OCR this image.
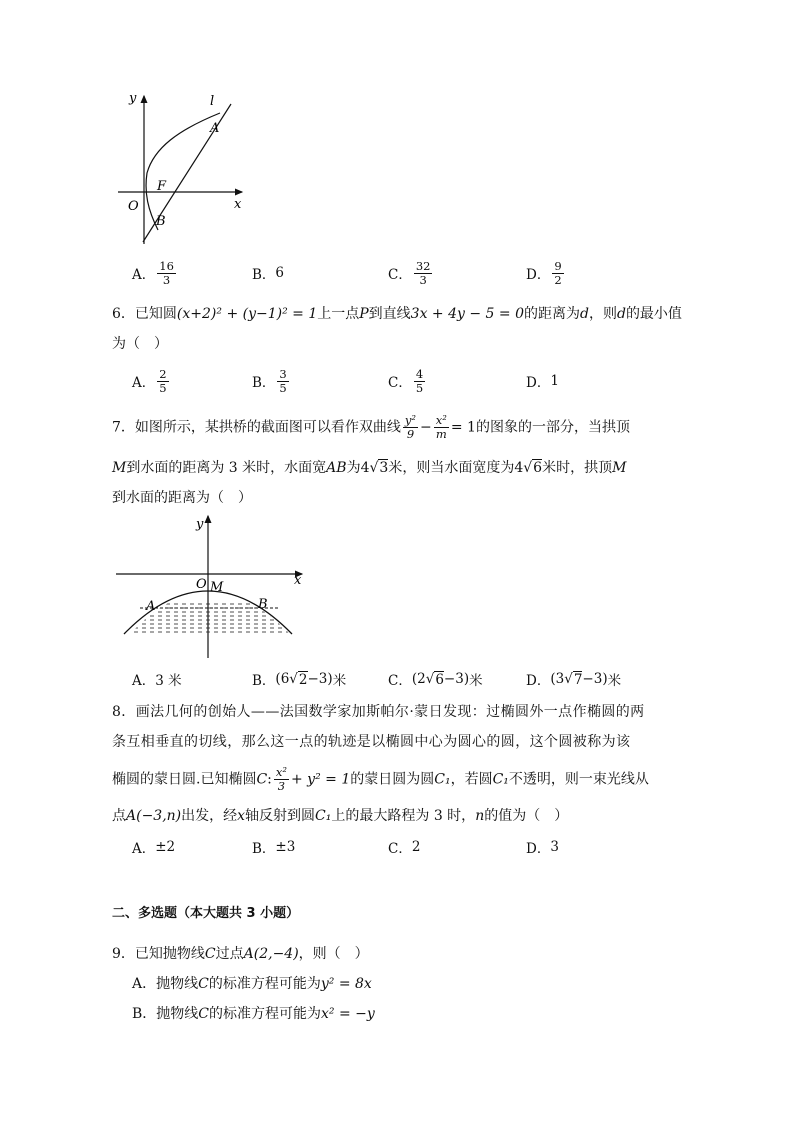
y	l
A
F
O
B
x
A． $\frac{16}{3}$	B． 6	C． $\frac{32}{3}$	D． $\frac{9}{2}$
6．已知圆(x+2)² + (y−1)² = 1上一点P到直线3x + 4y − 5 = 0的距离为d，则d的最小值
为（　）
A． $\frac{2}{5}$	B． $\frac{3}{5}$	C． $\frac{4}{5}$	D． 1
7．如图所示，某拱桥的截面图可以看作双曲线 $\frac{\text{y²}}{9} - \frac{\text{x²}}{m} = 1$的图象的一部分，当拱顶
M到水面的距离为 3 米时，水面宽AB为4√3米，则当水面宽度为4√6米时，拱顶M
到水面的距离为（　）
y
O M	x
A	B
A． 3 米	B． ( 6 √ 2 −3 ) 米	C． ( 2 √ 6 −3 ) 米	D． ( 3 √ 7 −3 ) 米
8．画法几何的创始人——法国数学家加斯帕尔·蒙日发现：过椭圆外一点作椭圆的两
条互相垂直的切线，那么这一点的轨迹是以椭圆中心为圆心的圆，这个圆被称为该
椭圆的蒙日圆.已知椭圆C: $\frac{\text{x²}}{3} + y^2 = 1$的蒙日圆为圆C₁，若圆C₁不透明，则一束光线从
点A(−3,n)出发，经x轴反射到圆C₁上的最大路程为 3 时，n的值为（　）
A． ±2	B． ±3	C． 2	D． 3
二、多选题（本大题共 3 小题）
9．已知抛物线C过点A(2,−4)，则（　）
A．抛物线C的标准方程可能为y² = 8x
B．抛物线C的标准方程可能为x² = −y
